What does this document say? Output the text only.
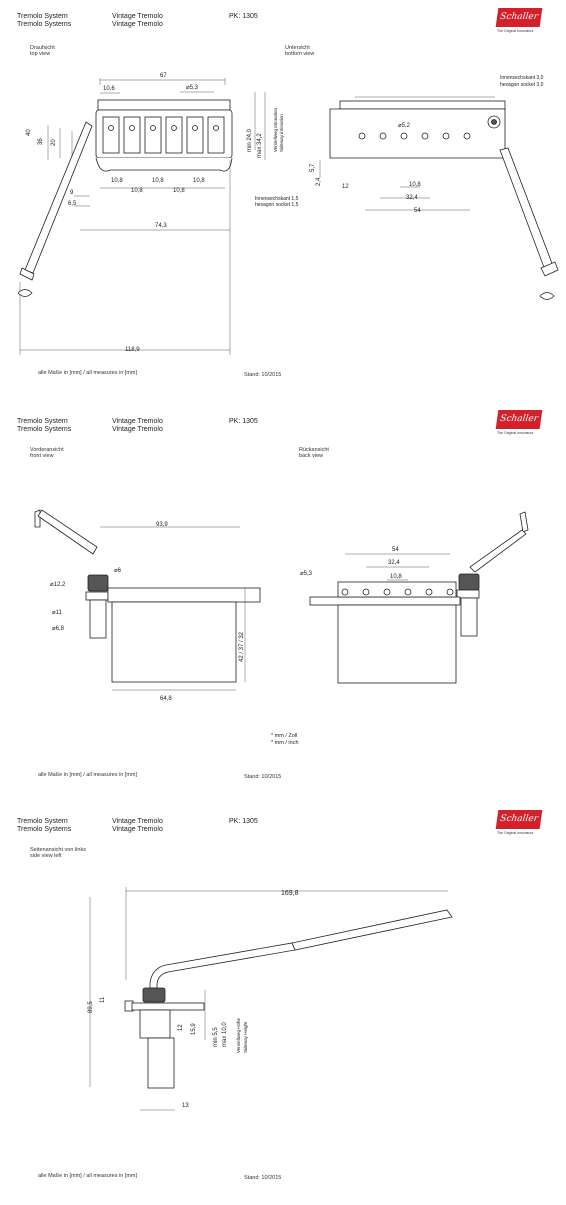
Tremolo System
Tremolo Systems
Vintage Tremolo
Vintage Tremolo
PK: 1305	Schaller
The Original Innovators
Draufsicht
top view
Untersicht
bottom view
67
10,6	⌀5,3
40
36 20
10,8
10,8
10,8
10,8
10,8
9
6,5
74,3
118,9
min 24,0 max 34,2 Verstellweg Intonation Sideway intonation
Innensechskant 1,5
hexagon socket 1,5
⌀5,2
5,7
2,4
12	10,8
32,4
54
Innensechskant 3,0
hexagon socket 3,0
alle Maße in [mm] / all measures in [mm]	Stand: 10/2015
Tremolo System
Tremolo Systems
Vintage Tremolo
Vintage Tremolo
PK: 1305	Schaller
The Original Innovators
Vorderansicht
front view
Rückansicht
back view
93,9
⌀6
⌀12,2
⌀11
⌀6,8
42 / 37 / 32
64,8
54
32,4
10,8
⌀5,3
* mm / Zoll
* mm / inch
alle Maße in [mm] / all measures in [mm]	Stand: 10/2015
Tremolo System
Tremolo Systems
Vintage Tremolo
Vintage Tremolo
PK: 1305	Schaller
The Original Innovators
Seitenansicht von links
side view left
169,8
89,5
11
12 15,9	min 5,5 max 10,0 Verstellweg Höhe Sideway Height
13
alle Maße in [mm] / all measures in [mm]	Stand: 10/2015
